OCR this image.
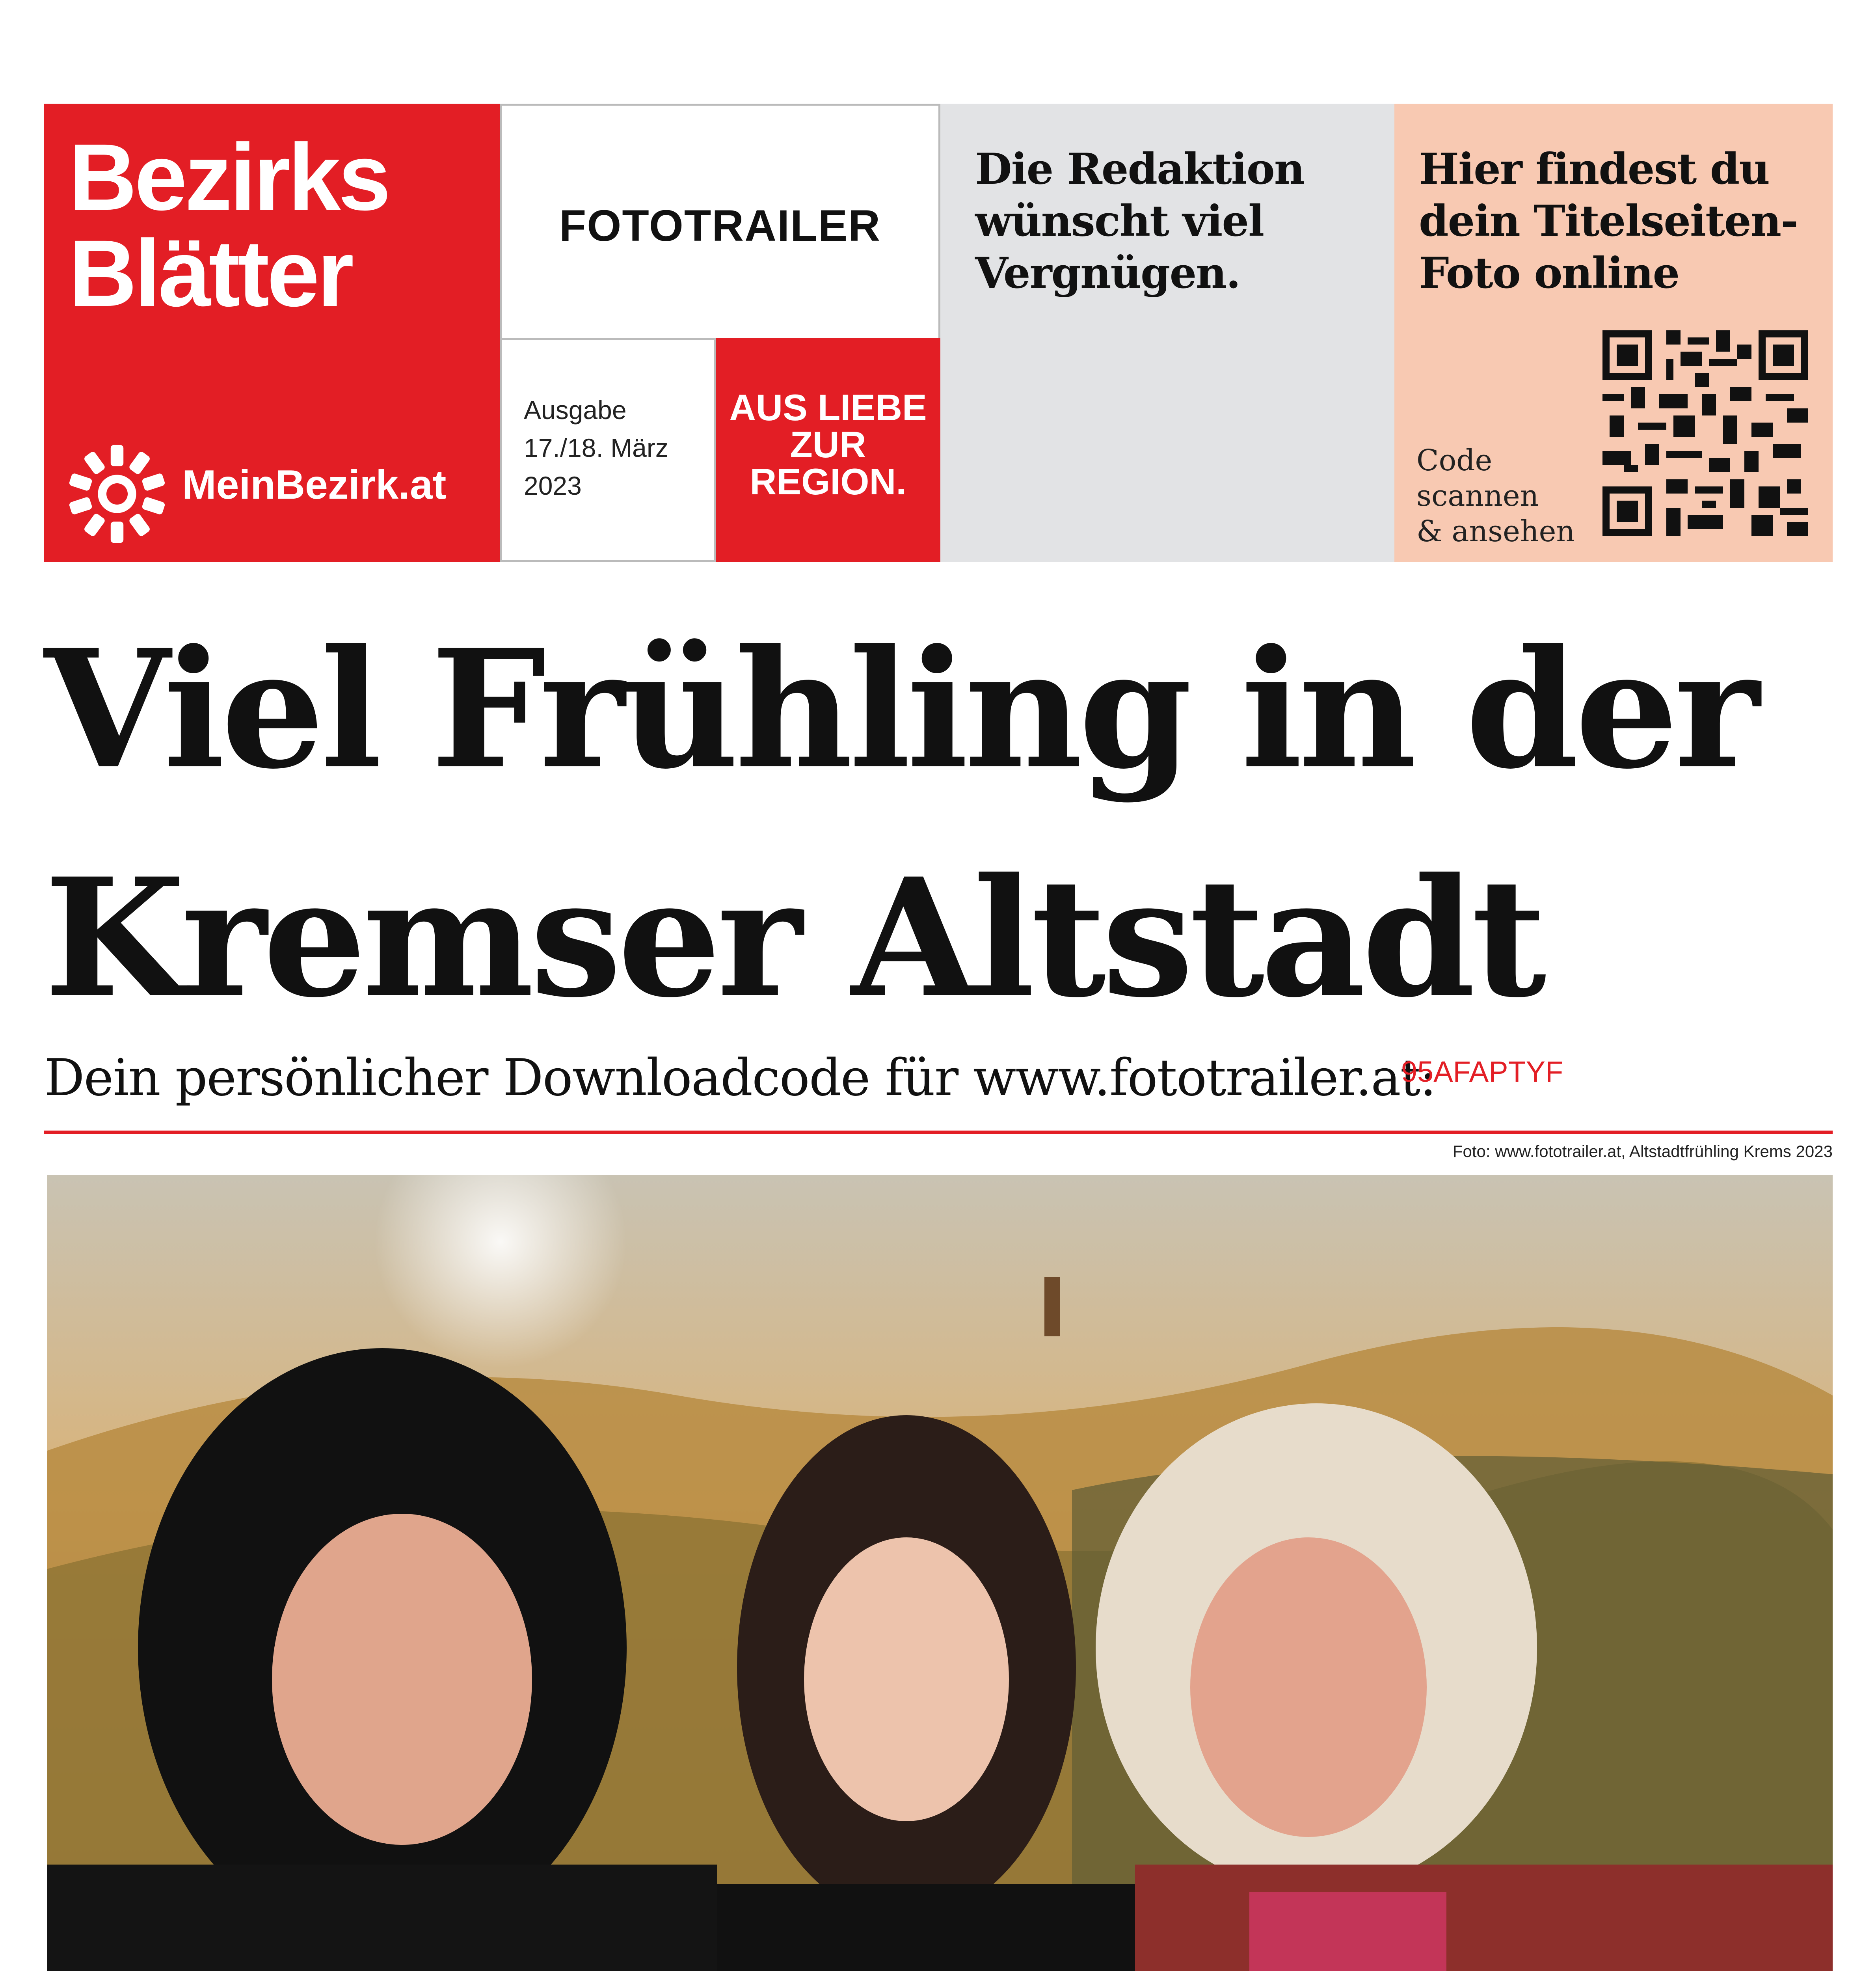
Bezirks
Blätter
MeinBezirk.at
FOTOTRAILER
Ausgabe
17./18. März
2023
AUS LIEBE
ZUR
REGION.
Die Redaktion
wünscht viel
Vergnügen.
Hier findest du
dein Titelseiten-
Foto online
Code
scannen
& ansehen
Viel Frühling in der
Kremser Altstadt
Dein persönlicher Downloadcode für www.fototrailer.at:
95AFAPTYF
Foto: www.fototrailer.at, Altstadtfrühling Krems 2023
